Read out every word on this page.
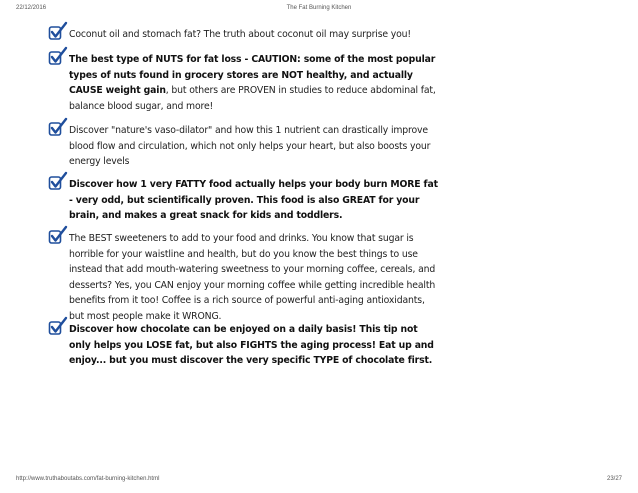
22/12/2016	The Fat Burning Kitchen

Coconut oil and stomach fat? The truth about coconut oil may surprise you!

The best type of NUTS for fat loss - CAUTION: some of the most popular types of nuts found in grocery stores are NOT healthy, and actually CAUSE weight gain, but others are PROVEN in studies to reduce abdominal fat, balance blood sugar, and more!

Discover "nature's vaso-dilator" and how this 1 nutrient can drastically improve blood flow and circulation, which not only helps your heart, but also boosts your energy levels

Discover how 1 very FATTY food actually helps your body burn MORE fat - very odd, but scientifically proven. This food is also GREAT for your brain, and makes a great snack for kids and toddlers.

The BEST sweeteners to add to your food and drinks. You know that sugar is horrible for your waistline and health, but do you know the best things to use instead that add mouth-watering sweetness to your morning coffee, cereals, and desserts? Yes, you CAN enjoy your morning coffee while getting incredible health benefits from it too! Coffee is a rich source of powerful anti-aging antioxidants, but most people make it WRONG.

Discover how chocolate can be enjoyed on a daily basis! This tip not only helps you LOSE fat, but also FIGHTS the aging process! Eat up and enjoy... but you must discover the very specific TYPE of chocolate first.

http://www.truthaboutabs.com/fat-burning-kitchen.html	23/27
